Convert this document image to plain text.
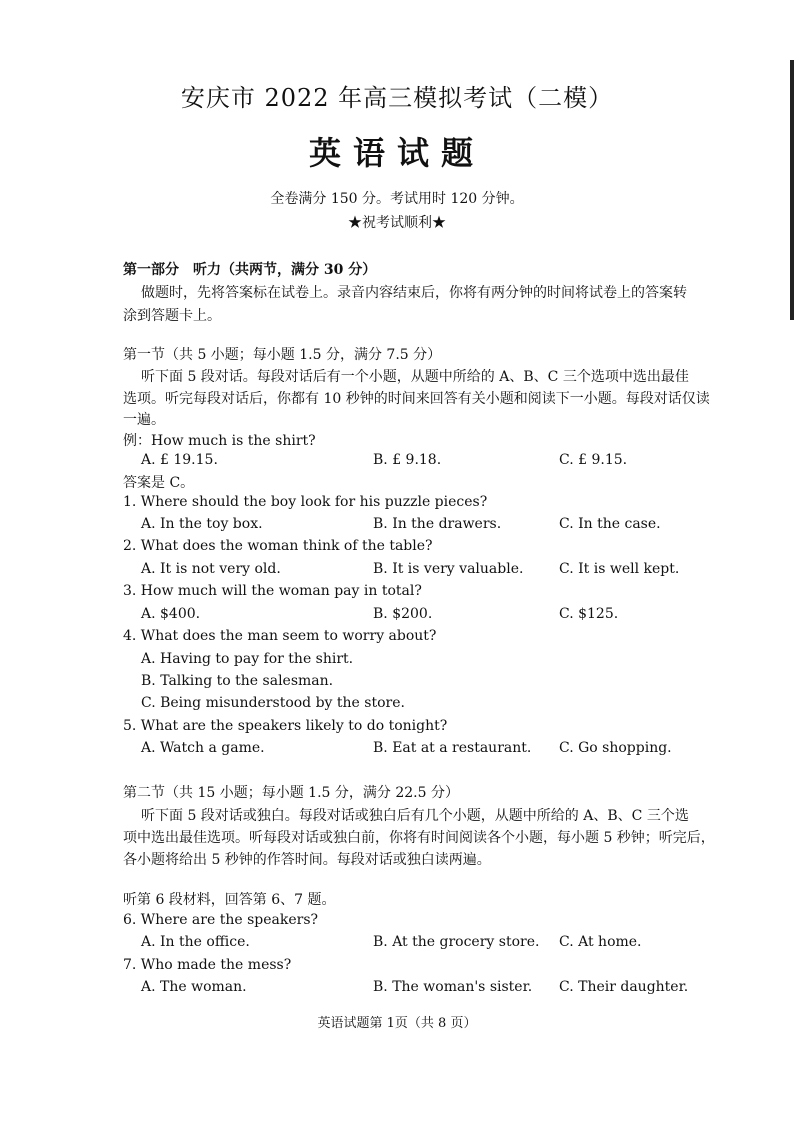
安庆市 2022 年高三模拟考试（二模）
英语试题
全卷满分 150 分。考试用时 120 分钟。
★祝考试顺利★
第一部分　听力（共两节，满分 30 分）
做题时，先将答案标在试卷上。录音内容结束后，你将有两分钟的时间将试卷上的答案转
涂到答题卡上。
第一节（共 5 小题；每小题 1.5 分，满分 7.5 分）
听下面 5 段对话。每段对话后有一个小题，从题中所给的 A、B、C 三个选项中选出最佳
选项。听完每段对话后，你都有 10 秒钟的时间来回答有关小题和阅读下一小题。每段对话仅读
一遍。
例：How much is the shirt?
A. £ 19.15.	B. £ 9.18.	C. £ 9.15.
答案是 C。
1. Where should the boy look for his puzzle pieces?
A. In the toy box.	B. In the drawers.	C. In the case.
2. What does the woman think of the table?
A. It is not very old.	B. It is very valuable.	C. It is well kept.
3. How much will the woman pay in total?
A. $400.	B. $200.	C. $125.
4. What does the man seem to worry about?
A. Having to pay for the shirt.
B. Talking to the salesman.
C. Being misunderstood by the store.
5. What are the speakers likely to do tonight?
A. Watch a game.	B. Eat at a restaurant. C. Go shopping.
第二节（共 15 小题；每小题 1.5 分，满分 22.5 分）
听下面 5 段对话或独白。每段对话或独白后有几个小题，从题中所给的 A、B、C 三个选
项中选出最佳选项。听每段对话或独白前，你将有时间阅读各个小题，每小题 5 秒钟；听完后，
各小题将给出 5 秒钟的作答时间。每段对话或独白读两遍。
听第 6 段材料，回答第 6、7 题。
6. Where are the speakers?
A. In the office.	B. At the grocery store. C. At home.
7. Who made the mess?
A. The woman.	B. The woman's sister. C. Their daughter.
英语试题第 1页（共 8 页）
